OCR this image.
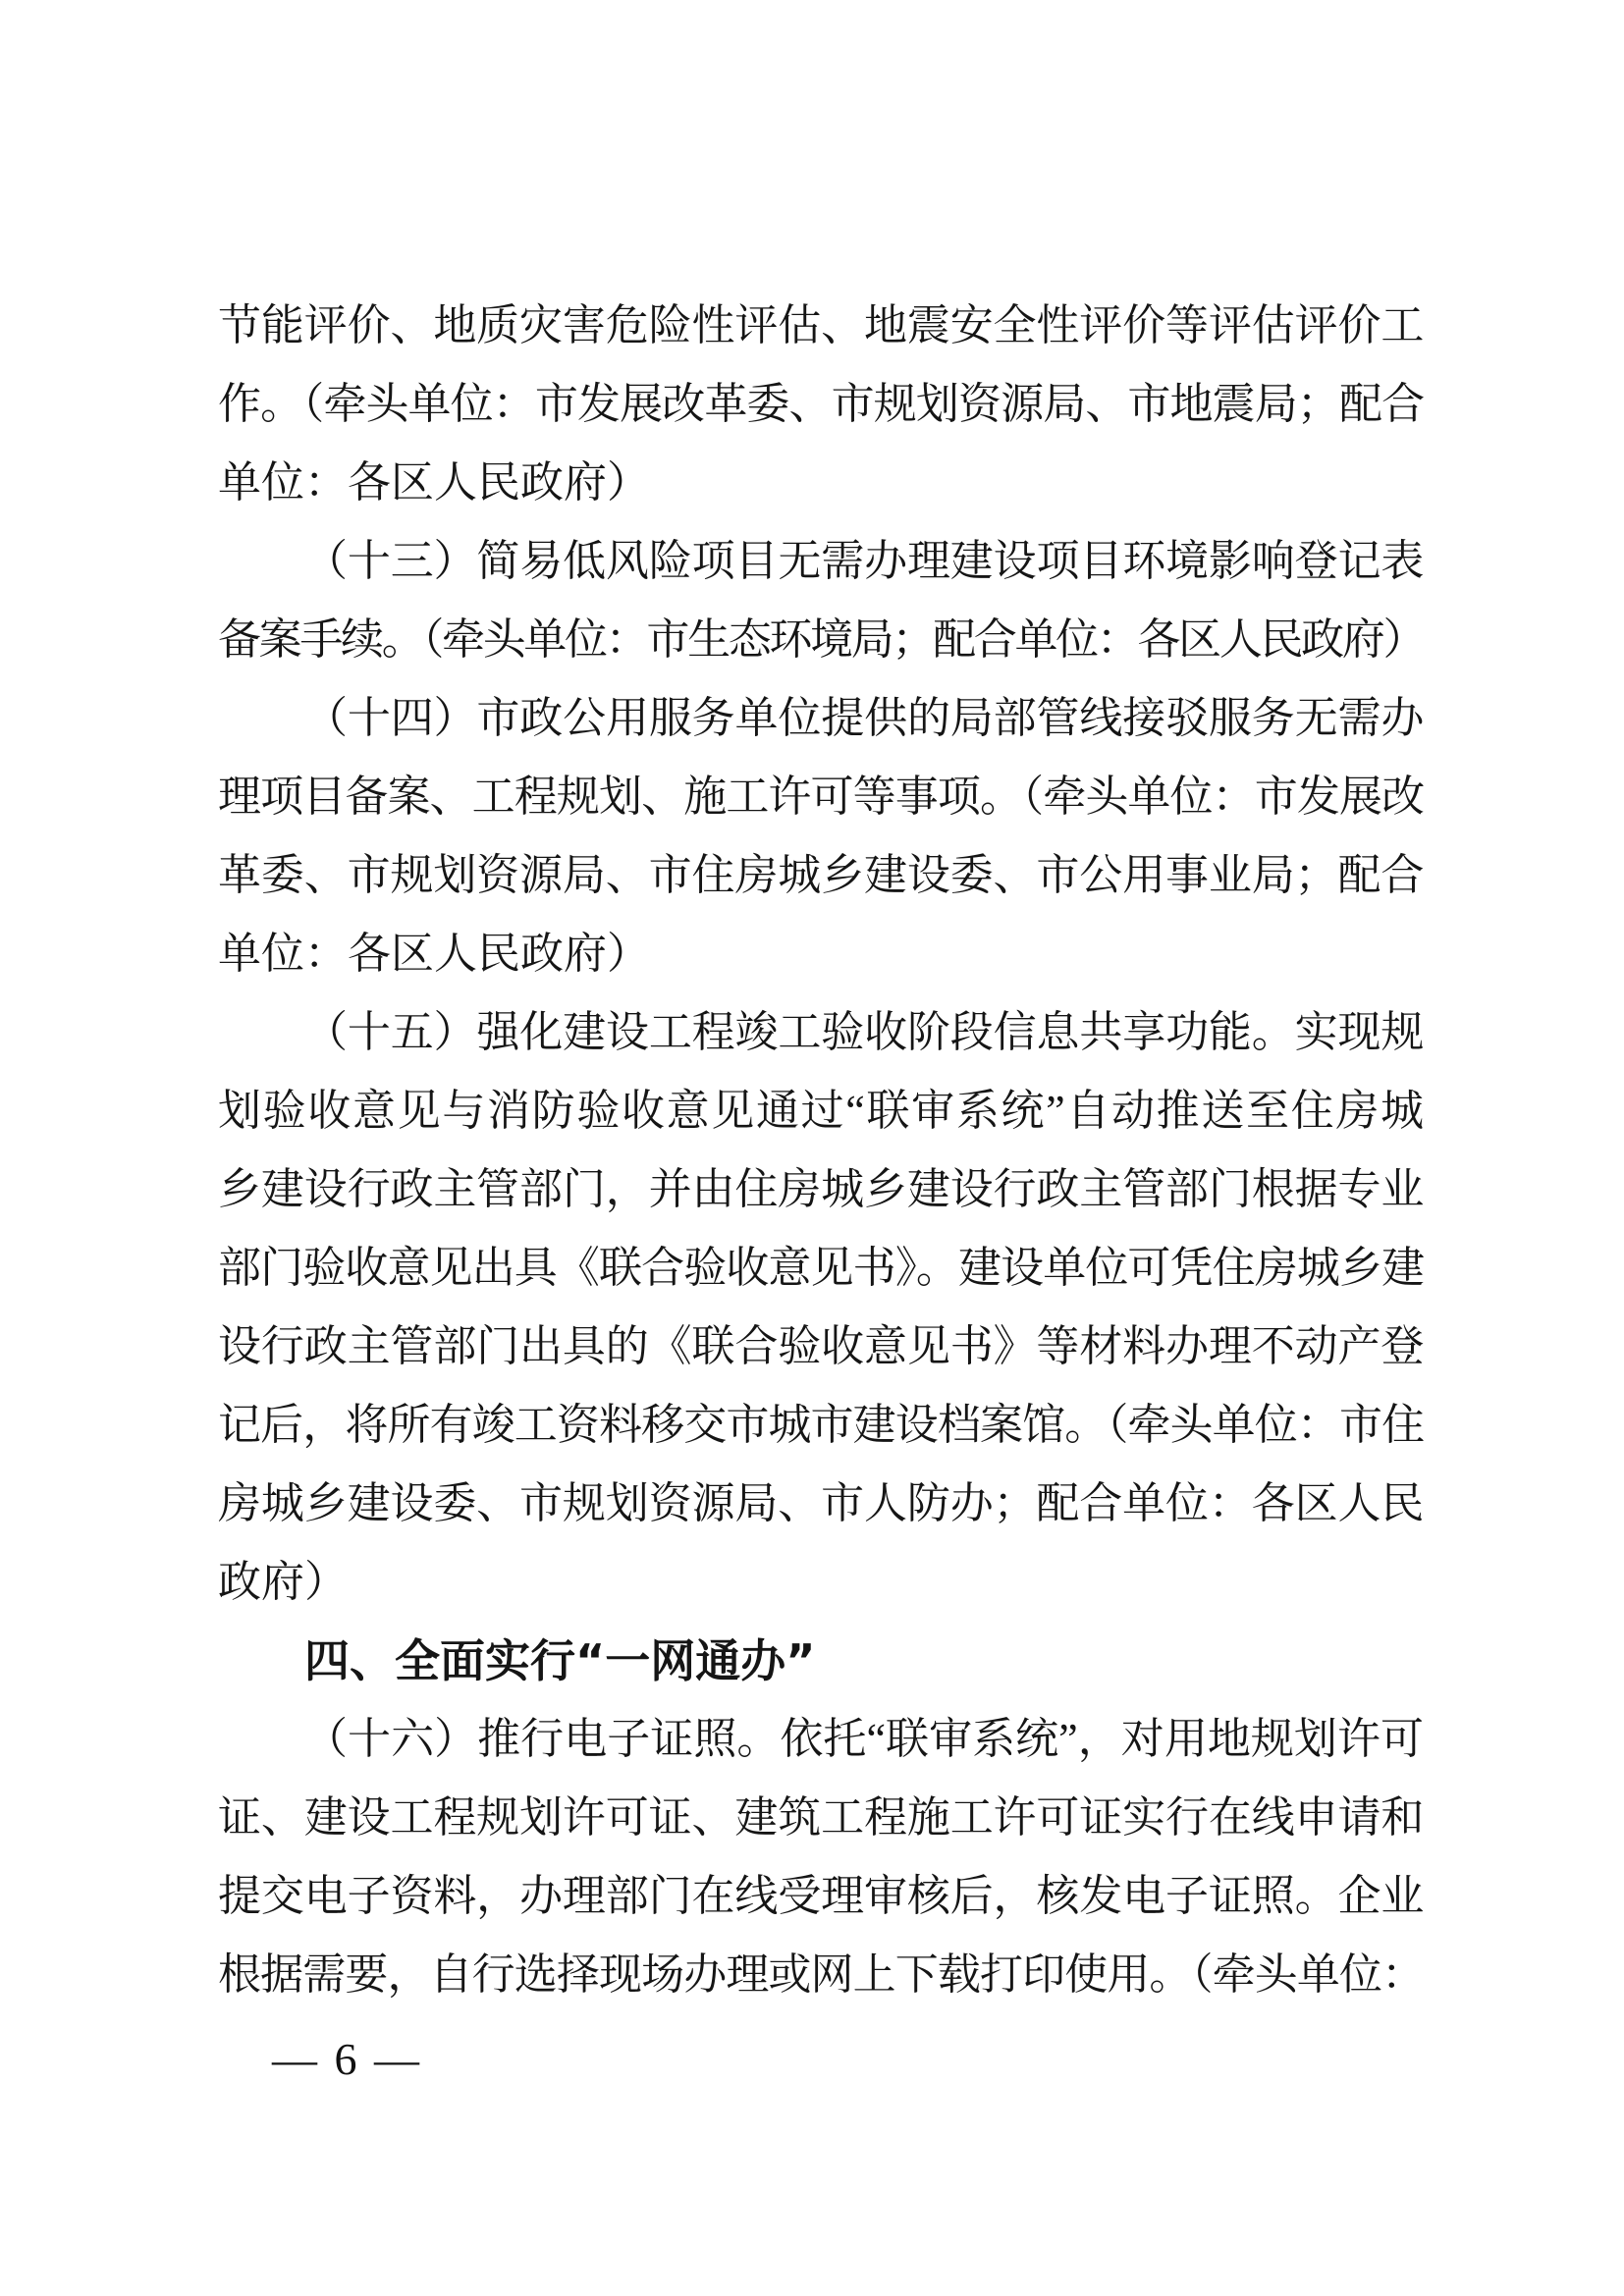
节能评价、地质灾害危险性评估、地震安全性评价等评估评价工
作。（牵头单位：市发展改革委、市规划资源局、市地震局；配合
单位：各区人民政府）
（十三）简易低风险项目无需办理建设项目环境影响登记表
备案手续。（牵头单位：市生态环境局；配合单位：各区人民政府）
（十四）市政公用服务单位提供的局部管线接驳服务无需办
理项目备案、工程规划、施工许可等事项。（牵头单位：市发展改
革委、市规划资源局、市住房城乡建设委、市公用事业局；配合
单位：各区人民政府）
（十五）强化建设工程竣工验收阶段信息共享功能。实现规
划验收意见与消防验收意见通过“联审系统”自动推送至住房城
乡建设行政主管部门，并由住房城乡建设行政主管部门根据专业
部门验收意见出具《联合验收意见书》。建设单位可凭住房城乡建
设行政主管部门出具的《联合验收意见书》等材料办理不动产登
记后，将所有竣工资料移交市城市建设档案馆。（牵头单位：市住
房城乡建设委、市规划资源局、市人防办；配合单位：各区人民
政府）
四、全面实行“一网通办”
（十六）推行电子证照。依托“联审系统”，对用地规划许可
证、建设工程规划许可证、建筑工程施工许可证实行在线申请和
提交电子资料，办理部门在线受理审核后，核发电子证照。企业
根据需要，自行选择现场办理或网上下载打印使用。（牵头单位：
— 6 —
